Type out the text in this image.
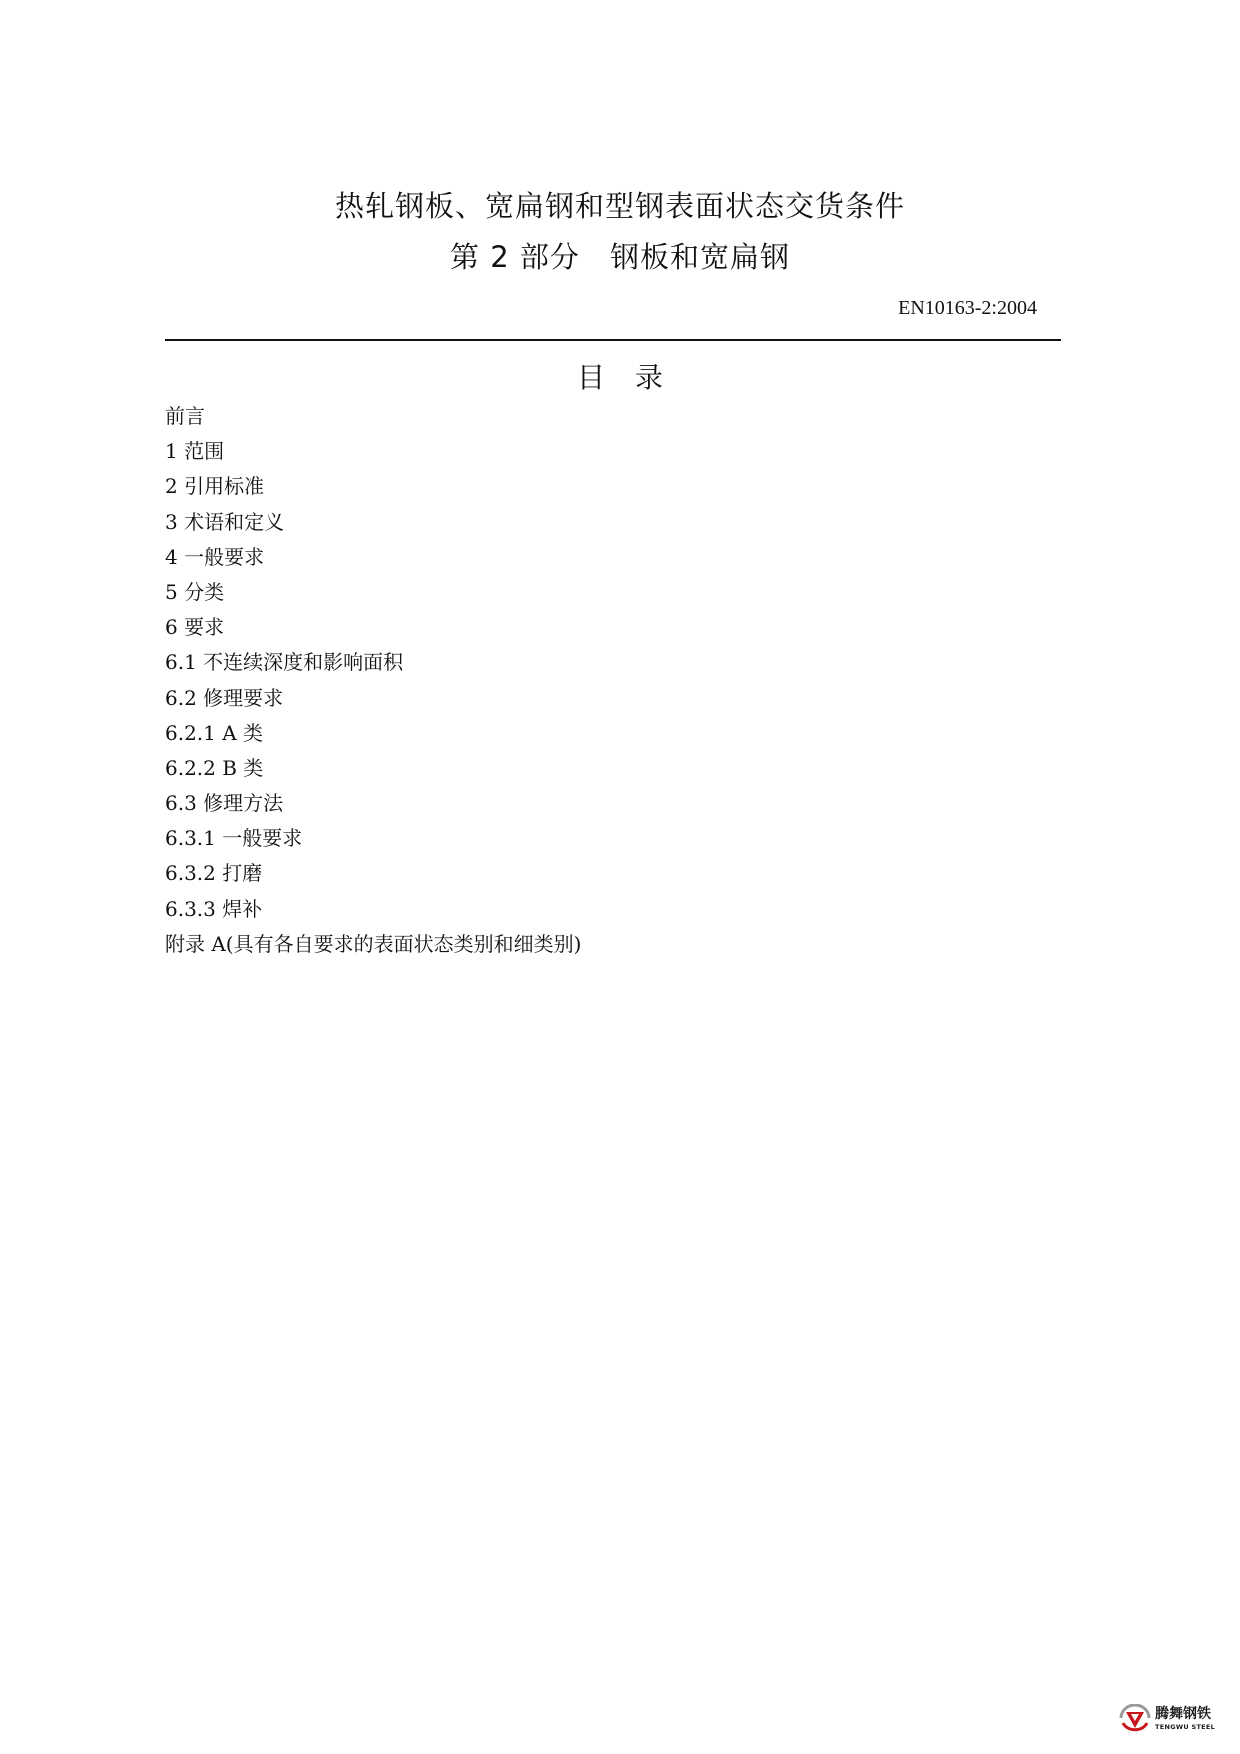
热轧钢板、宽扁钢和型钢表面状态交货条件
第 2 部分 钢板和宽扁钢
EN10163-2:2004
目录
前言
1 范围
2 引用标准
3 术语和定义
4 一般要求
5 分类
6 要求
6.1 不连续深度和影响面积
6.2 修理要求
6.2.1 A 类
6.2.2 B 类
6.3 修理方法
6.3.1 一般要求
6.3.2 打磨
6.3.3 焊补
附录 A(具有各自要求的表面状态类别和细类别)
腾舞钢铁
TENGWU STEEL
